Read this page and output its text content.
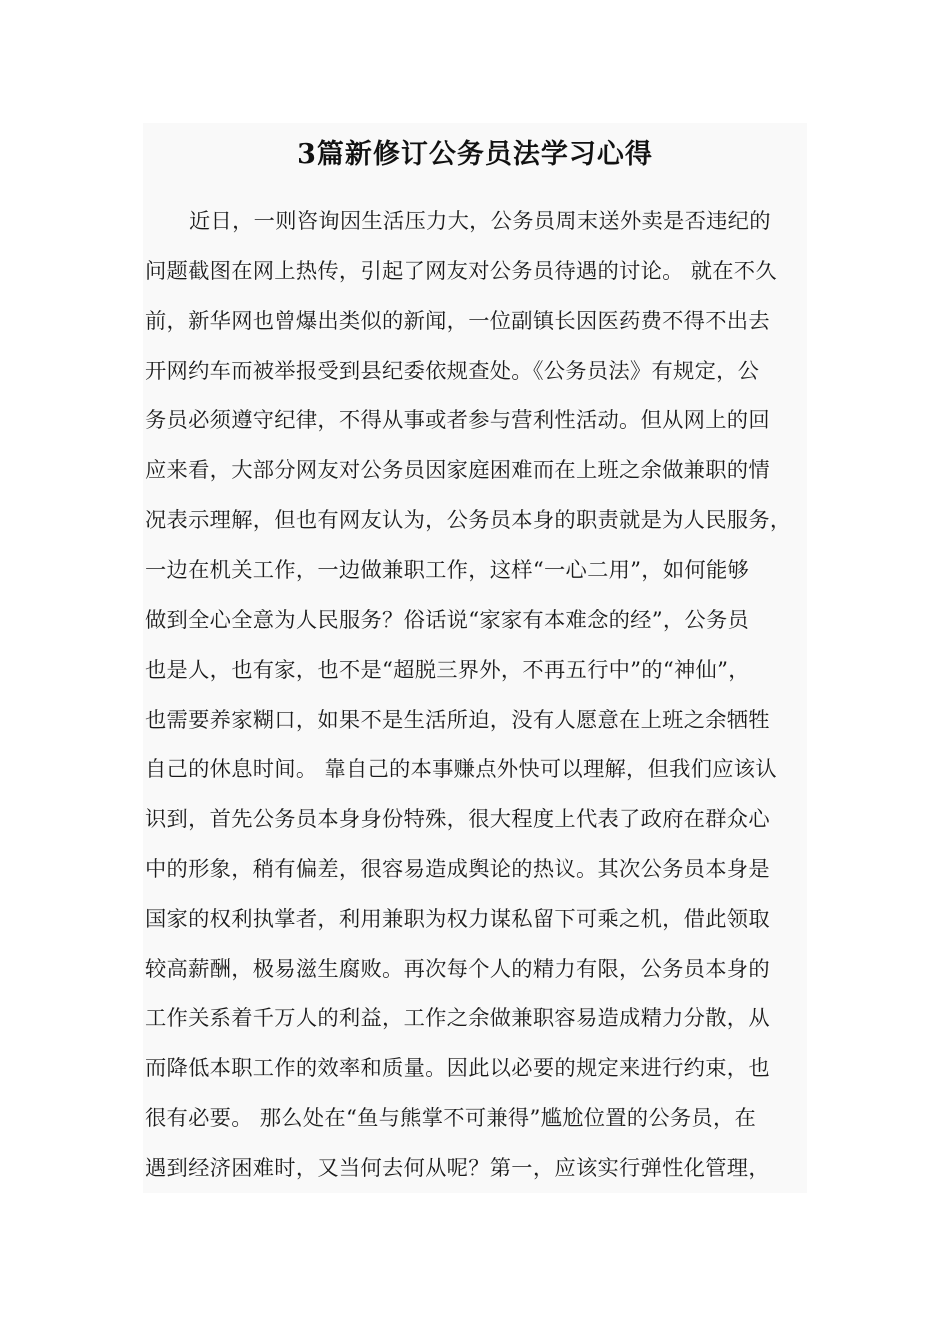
3篇新修订公务员法学习心得
近日，一则咨询因生活压力大，公务员周末送外卖是否违纪的
问题截图在网上热传，引起了网友对公务员待遇的讨论。 就在不久
前，新华网也曾爆出类似的新闻，一位副镇长因医药费不得不出去
开网约车而被举报受到县纪委依规查处。《公务员法》有规定，公
务员必须遵守纪律，不得从事或者参与营利性活动。但从网上的回
应来看，大部分网友对公务员因家庭困难而在上班之余做兼职的情
况表示理解，但也有网友认为，公务员本身的职责就是为人民服务，
一边在机关工作，一边做兼职工作，这样“一心二用”，如何能够
做到全心全意为人民服务？俗话说“家家有本难念的经”，公务员
也是人，也有家，也不是“超脱三界外，不再五行中”的“神仙”，
也需要养家糊口，如果不是生活所迫，没有人愿意在上班之余牺牲
自己的休息时间。 靠自己的本事赚点外快可以理解，但我们应该认
识到，首先公务员本身身份特殊，很大程度上代表了政府在群众心
中的形象，稍有偏差，很容易造成舆论的热议。其次公务员本身是
国家的权利执掌者，利用兼职为权力谋私留下可乘之机，借此领取
较高薪酬，极易滋生腐败。再次每个人的精力有限，公务员本身的
工作关系着千万人的利益，工作之余做兼职容易造成精力分散，从
而降低本职工作的效率和质量。因此以必要的规定来进行约束，也
很有必要。 那么处在“鱼与熊掌不可兼得”尴尬位置的公务员，在
遇到经济困难时，又当何去何从呢？第一，应该实行弹性化管理，
